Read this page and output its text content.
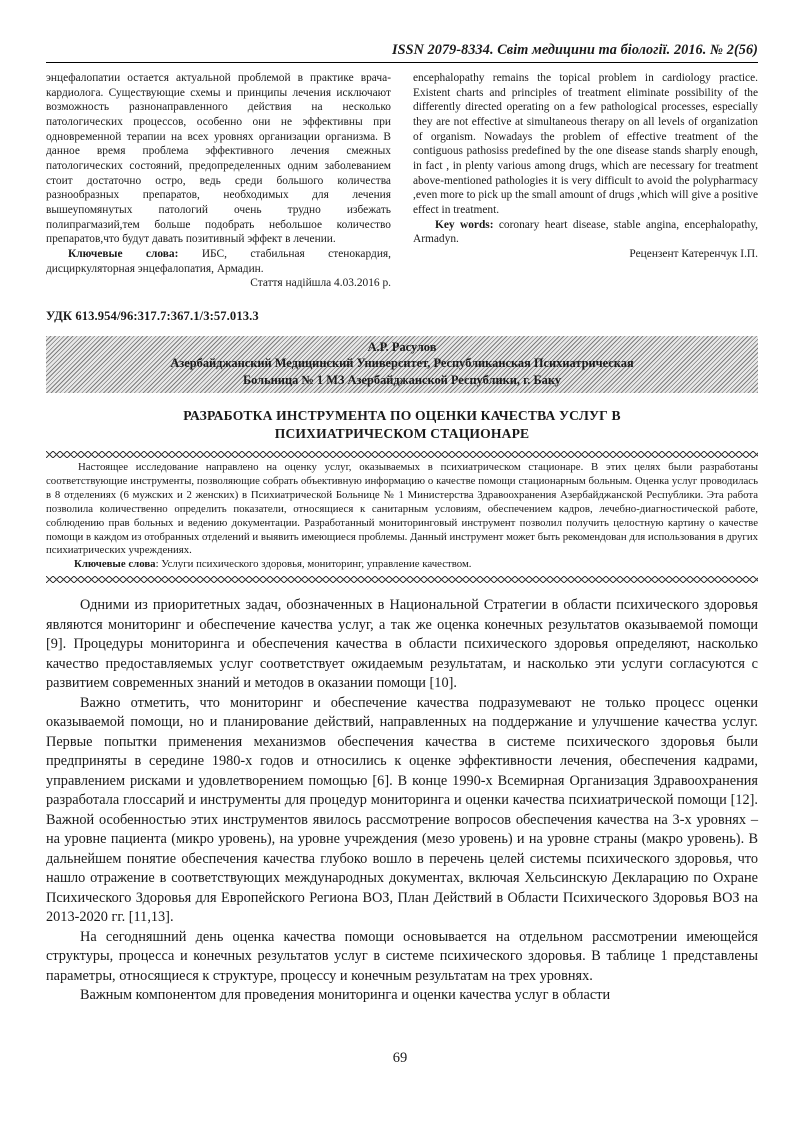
ISSN 2079-8334. Світ медицини та біології. 2016. № 2(56)

энцефалопатии остается актуальной проблемой в практике врача-кардиолога. Существующие схемы и принципы лечения исключают возможность разнонаправленного действия на несколько патологических процессов, особенно они не эффективны при одновременной терапии на всех уровнях организации организма. В данное время проблема эффективного лечения смежных патологических состояний, предопределенных одним заболеванием стоит достаточно остро, ведь среди большого количества разнообразных препаратов, необходимых для лечения вышеупомянутых патологий очень трудно избежать полипрагмазий,тем больше подобрать небольшое количество препаратов,что будут давать позитивный эффект в лечении.

Ключевые слова: ИБС, стабильная стенокардия, дисциркуляторная энцефалопатия, Армадин.

Стаття надійшла 4.03.2016 р.

encephalopathy remains the topical problem in cardiology practice. Existent charts and principles of treatment eliminate possibility of the differently directed operating on a few pathological processes, especially they are not effective at simultaneous therapy on all levels of organization of organism. Nowadays the problem of effective treatment of the contiguous pathosiss predefined by the one disease stands sharply enough, in fact , in plenty various among drugs, which are necessary for treatment above-mentioned pathologies it is very difficult to avoid the polypharmacy ,even more to pick up the small amount of drugs ,which will give a positive effect in treatment.

Key words: coronary heart disease, stable angina, encephalopathy, Armadyn.

Рецензент Катеренчук І.П.

УДК 613.954/96:317.7:367.1/3:57.013.3
А.Р. Расулов
Азербайджанский Медицинский Университет, Республиканская Психиатрическая
Больница № 1 МЗ Азербайджанской Республики, г. Баку
РАЗРАБОТКА ИНСТРУМЕНТА ПО ОЦЕНКИ КАЧЕСТВА УСЛУГ В
ПСИХИАТРИЧЕСКОМ СТАЦИОНАРЕ

Настоящее исследование направлено на оценку услуг, оказываемых в психиатрическом стационаре. В этих целях были разработаны соответствующие инструменты, позволяющие собрать объективную информацию о качестве помощи стационарным больным. Оценка услуг проводилась в 8 отделениях (6 мужских и 2 женских) в Психиатрической Больнице № 1 Министерства Здравоохранения Азербайджанской Республики. Эта работа позволила количественно определить показатели, относящиеся к санитарным условиям, обеспечением кадров, лечебно-диагностической работе, соблюдению прав больных и ведению документации. Разработанный мониторинговый инструмент позволил получить целостную картину о качестве помощи в каждом из отобранных отделений и выявить имеющиеся проблемы. Данный инструмент может быть рекомендован для использования в других психиатрических учреждениях.

Ключевые слова: Услуги психического здоровья, мониторинг, управление качеством.

Одними из приоритетных задач, обозначенных в Национальной Стратегии в области психического здоровья являются мониторинг и обеспечение качества услуг, а так же оценка конечных результатов оказываемой помощи [9]. Процедуры мониторинга и обеспечения качества в области психического здоровья определяют, насколько качество предоставляемых услуг соответствует ожидаемым результатам, и насколько эти услуги согласуются с развитием современных знаний и методов в оказании помощи [10].

Важно отметить, что мониторинг и обеспечение качества подразумевают не только процесс оценки оказываемой помощи, но и планирование действий, направленных на поддержание и улучшение качества услуг. Первые попытки применения механизмов обеспечения качества в системе психического здоровья были предприняты в середине 1980-х годов и относились к оценке эффективности лечения, обеспечения кадрами, управлением рисками и удовлетворением помощью [6]. В конце 1990-х Всемирная Организация Здравоохранения разработала глоссарий и инструменты для процедур мониторинга и оценки качества психиатрической помощи [12]. Важной особенностью этих инструментов явилось рассмотрение вопросов обеспечения качества на 3-х уровнях – на уровне пациента (микро уровень), на уровне учреждения (мезо уровень) и на уровне страны (макро уровень). В дальнейшем понятие обеспечения качества глубоко вошло в перечень целей системы психического здоровья, что нашло отражение в соответствующих международных документах, включая Хельсинскую Декларацию по Охране Психического Здоровья для Европейского Региона ВОЗ, План Действий в Области Психического Здоровья ВОЗ на 2013-2020 гг. [11,13].

На сегодняшний день оценка качества помощи основывается на отдельном рассмотрении имеющейся структуры, процесса и конечных результатов услуг в системе психического здоровья. В таблице 1 представлены параметры, относящиеся к структуре, процессу и конечным результатам на трех уровнях.

Важным компонентом для проведения мониторинга и оценки качества услуг в области

69
